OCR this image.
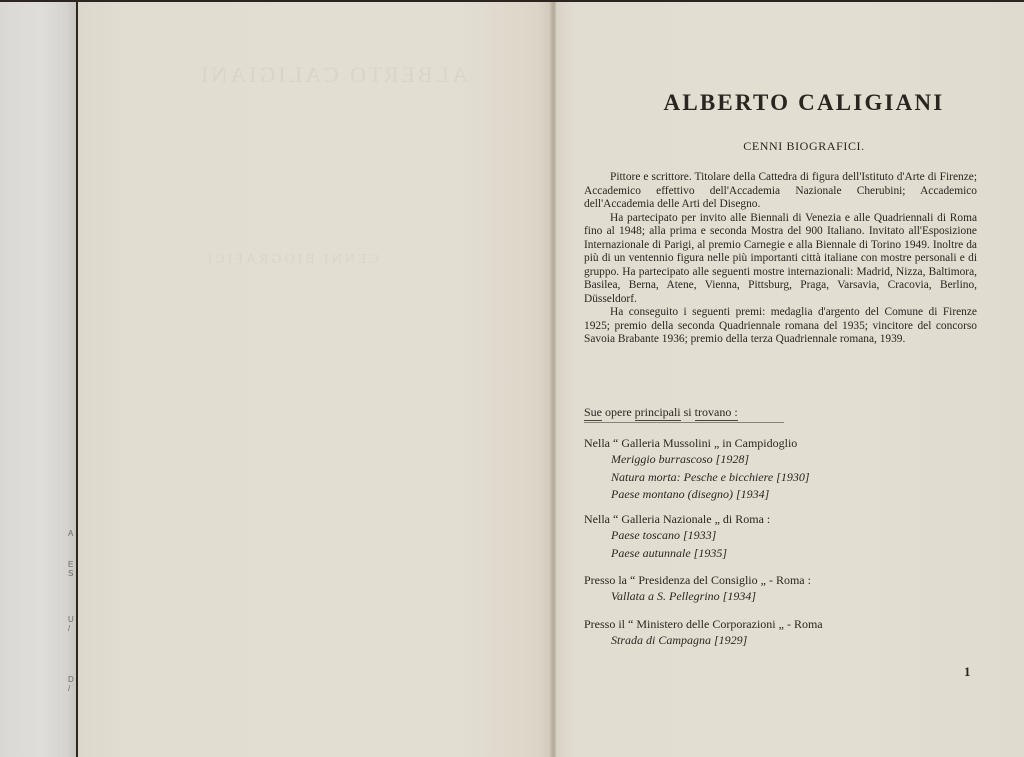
A
E S
U /
D /
ALBERTO CALIGIANI
CENNI BIOGRAFICI.
ALBERTO CALIGIANI
CENNI BIOGRAFICI.

Pittore e scrittore. Titolare della Cattedra di figura dell'Istituto d'Arte di Firenze; Accademico effettivo dell'Accademia Nazionale Cherubini; Accademico dell'Accademia delle Arti del Disegno.

Ha partecipato per invito alle Biennali di Venezia e alle Quadriennali di Roma fino al 1948; alla prima e seconda Mostra del 900 Italiano. Invitato all'Esposizione Internazionale di Parigi, al premio Carnegie e alla Biennale di Torino 1949. Inoltre da più di un ventennio figura nelle più importanti città italiane con mostre personali e di gruppo. Ha partecipato alle seguenti mostre internazionali: Madrid, Nizza, Baltimora, Basilea, Berna, Atene, Vienna, Pittsburg, Praga, Varsavia, Cracovia, Berlino, Düsseldorf.

Ha conseguito i seguenti premi: medaglia d'argento del Comune di Firenze 1925; premio della seconda Quadriennale romana del 1935; vincitore del concorso Savoia Brabante 1936; premio della terza Quadriennale romana, 1939.

Sue opere principali si trovano :
Nella “ Galleria Mussolini „ in Campidoglio
Meriggio burrascoso [1928]
Natura morta: Pesche e bicchiere [1930]
Paese montano (disegno) [1934]
Nella “ Galleria Nazionale „ di Roma :
Paese toscano [1933]
Paese autunnale [1935]
Presso la “ Presidenza del Consiglio „ - Roma :
Vallata a S. Pellegrino [1934]
Presso il “ Ministero delle Corporazioni „ - Roma
Strada di Campagna [1929]
1
